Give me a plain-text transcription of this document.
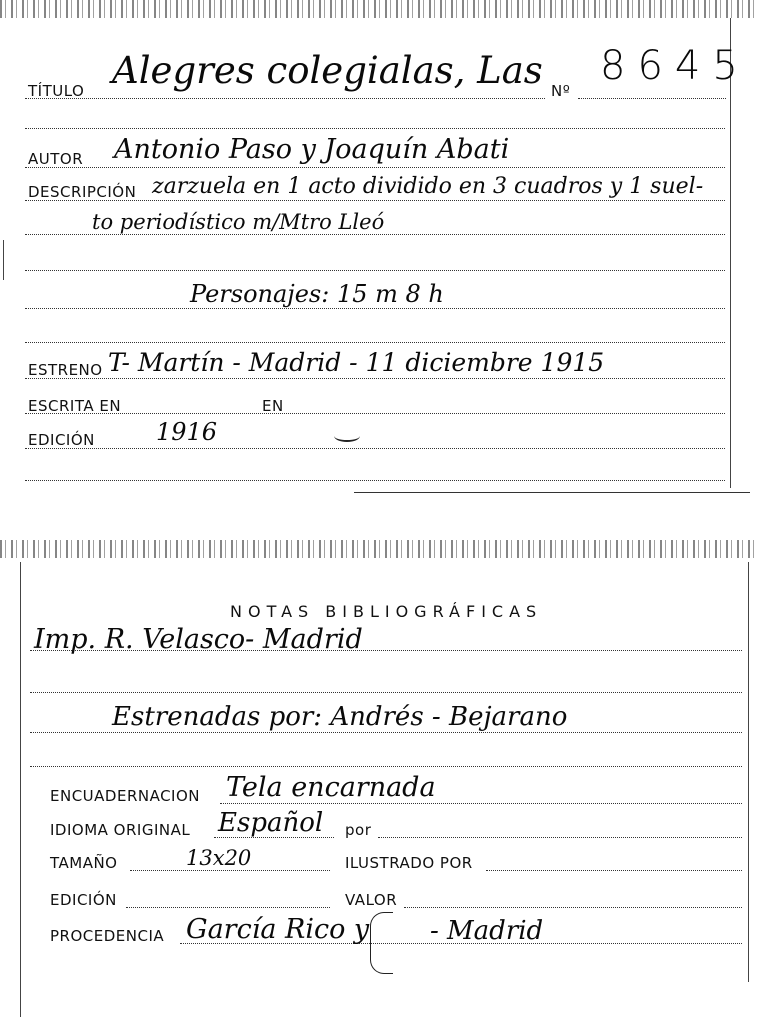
TÍTULO Alegres colegialas, Las Nº
8645
AUTOR Antonio Paso y Joaquín Abati
DESCRIPCIÓN zarzuela en 1 acto dividido en 3 cuadros y 1 suel-
to periodístico m/Mtro Lleó
Personajes: 15 m 8 h
ESTRENO T- Martín - Madrid - 11 diciembre 1915
ESCRITA EN	EN
EDICIÓN	1916
NOTAS BIBLIOGRÁFICAS
Imp. R. Velasco- Madrid
Estrenadas por: Andrés - Bejarano
ENCUADERNACION Tela encarnada
IDIOMA ORIGINAL Español por
TAMAÑO	13x20	ILUSTRADO POR
EDICIÓN	VALOR
PROCEDENCIA García Rico y - Madrid
